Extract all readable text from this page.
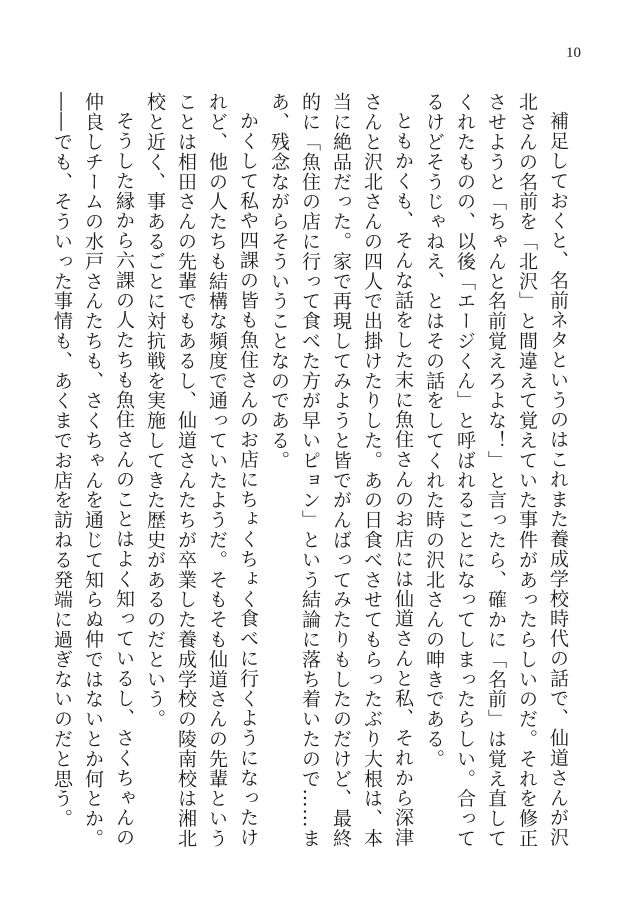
10

補足しておくと、名前ネタというのはこれまた養成学校時代の話で、仙道さんが沢北さんの名前を「北沢」と間違えて覚えていた事件があったらしいのだ。それを修正させようと「ちゃんと名前覚えろよな！」と言ったら、確かに「名前」は覚え直してくれたものの、以後「エージくん」と呼ばれることになってしまったらしい。合ってるけどそうじゃねえ、とはその話をしてくれた時の沢北さんの呻きである。

ともかくも、そんな話をした末に魚住さんのお店には仙道さんと私、それから深津さんと沢北さんの四人で出掛けたりした。あの日食べさせてもらったぶり大根は、本当に絶品だった。家で再現してみようと皆でがんばってみたりもしたのだけど、最終的に「魚住の店に行って食べた方が早いピョン」という結論に落ち着いたので……まあ、残念ながらそういうことなのである。

かくして私や四課の皆も魚住さんのお店にちょくちょく食べに行くようになったけれど、他の人たちも結構な頻度で通っていたようだ。そもそも仙道さんの先輩ということは相田さんの先輩でもあるし、仙道さんたちが卒業した養成学校の陵南校は湘北校と近く、事あるごとに対抗戦を実施してきた歴史があるのだという。

そうした縁から六課の人たちも魚住さんのことはよく知っているし、さくちゃんの仲良しチームの水戸さんたちも、さくちゃんを通じて知らぬ仲ではないとか何とか。

――でも、そういった事情も、あくまでお店を訪ねる発端に過ぎないのだと思う。
